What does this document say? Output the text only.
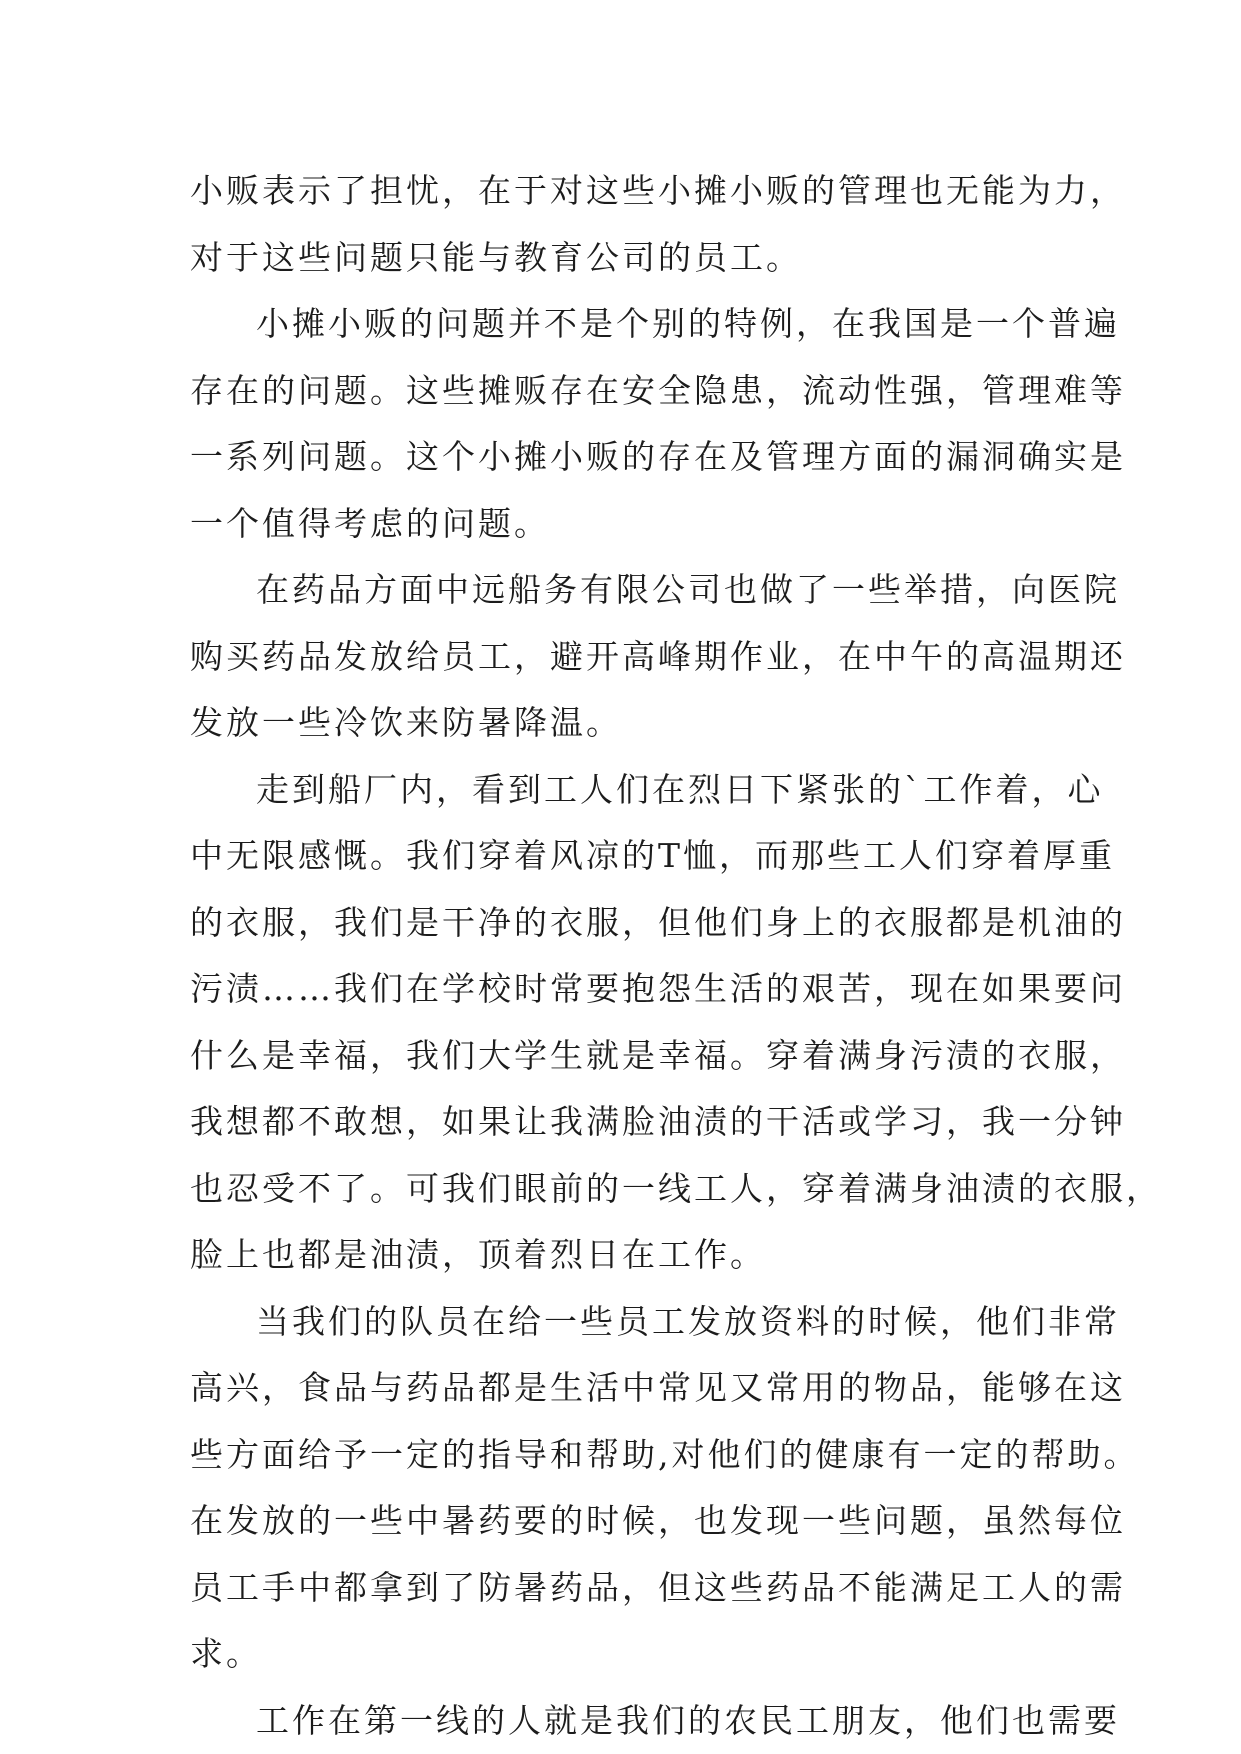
小贩表示了担忧，在于对这些小摊小贩的管理也无能为力，
对于这些问题只能与教育公司的员工。
小摊小贩的问题并不是个别的特例，在我国是一个普遍
存在的问题。这些摊贩存在安全隐患，流动性强，管理难等
一系列问题。这个小摊小贩的存在及管理方面的漏洞确实是
一个值得考虑的问题。
在药品方面中远船务有限公司也做了一些举措，向医院
购买药品发放给员工，避开高峰期作业，在中午的高温期还
发放一些冷饮来防暑降温。
走到船厂内，看到工人们在烈日下紧张的`工作着，心
中无限感慨。我们穿着风凉的T恤，而那些工人们穿着厚重
的衣服，我们是干净的衣服，但他们身上的衣服都是机油的
污渍……我们在学校时常要抱怨生活的艰苦，现在如果要问
什么是幸福，我们大学生就是幸福。穿着满身污渍的衣服，
我想都不敢想，如果让我满脸油渍的干活或学习，我一分钟
也忍受不了。可我们眼前的一线工人，穿着满身油渍的衣服，
脸上也都是油渍，顶着烈日在工作。
当我们的队员在给一些员工发放资料的时候，他们非常
高兴，食品与药品都是生活中常见又常用的物品，能够在这
些方面给予一定的指导和帮助,对他们的健康有一定的帮助。
在发放的一些中暑药要的时候，也发现一些问题，虽然每位
员工手中都拿到了防暑药品，但这些药品不能满足工人的需
求。
工作在第一线的人就是我们的农民工朋友，他们也需要
